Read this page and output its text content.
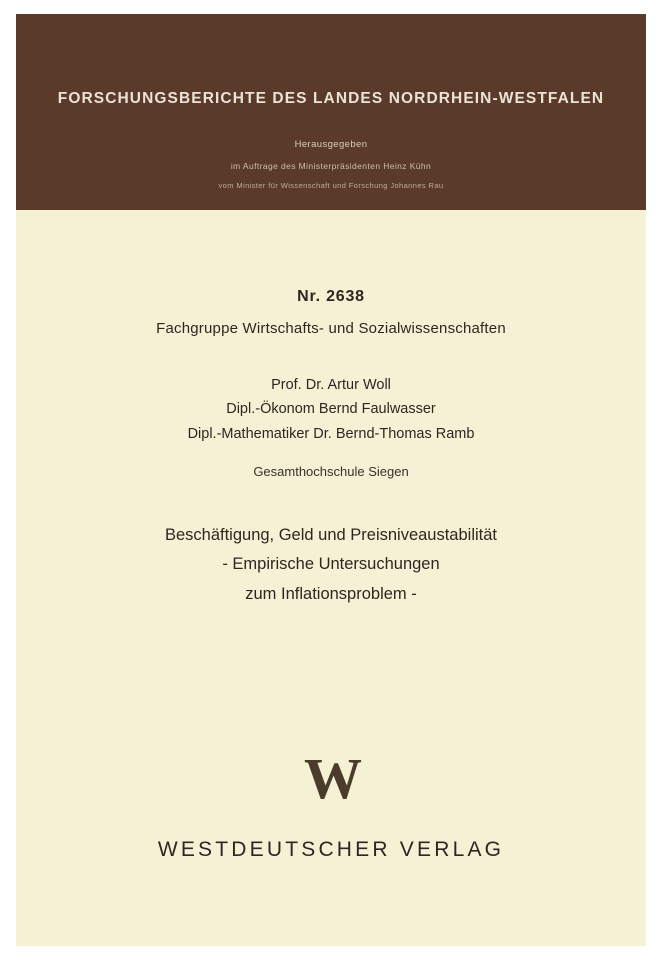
FORSCHUNGSBERICHTE DES LANDES NORDRHEIN-WESTFALEN
Herausgegeben
im Auftrage des Ministerpräsidenten Heinz Kühn
vom Minister für Wissenschaft und Forschung Johannes Rau
Nr. 2638
Fachgruppe Wirtschafts- und Sozialwissenschaften
Prof. Dr. Artur Woll
Dipl.-Ökonom Bernd Faulwasser
Dipl.-Mathematiker Dr. Bernd-Thomas Ramb
Gesamthochschule Siegen
Beschäftigung, Geld und Preisniveaustabilität
- Empirische Untersuchungen
zum Inflationsproblem -
W
WESTDEUTSCHER VERLAG
